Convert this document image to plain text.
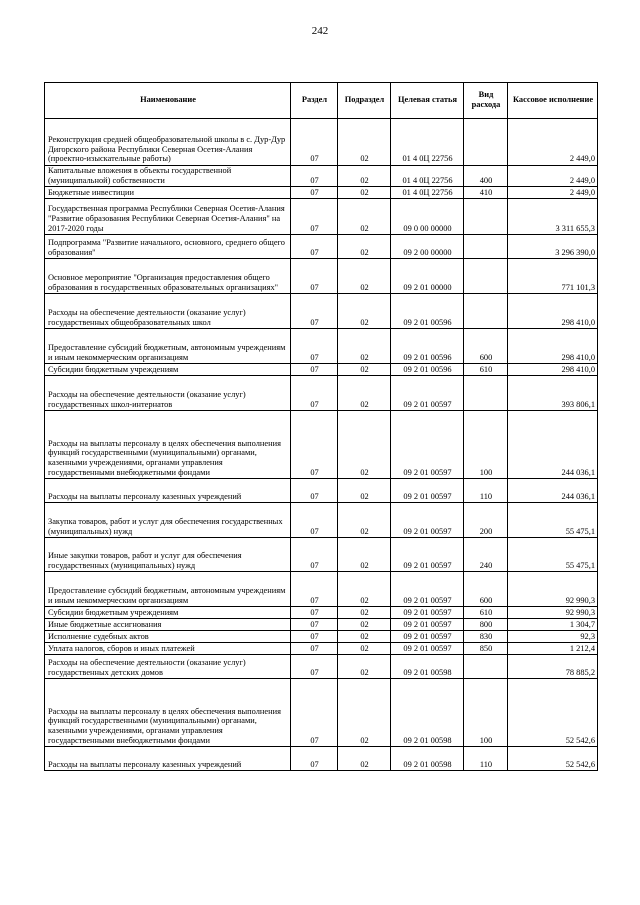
242
Наименование	Раздел	Подраздел	Целевая статья	Вид расхода	Кассовое исполнение
Реконструкция средней общеобразовательной школы в с. Дур-Дур Дигорского района Республики Северная Осетия-Алания (проектно-изыскательные работы)	07	02	01 4 0Ц 22756		2 449,0
Капитальные вложения в объекты государственной (муниципальной) собственности	07	02	01 4 0Ц 22756	400	2 449,0
Бюджетные инвестиции	07	02	01 4 0Ц 22756	410	2 449,0
Государственная программа Республики Северная Осетия-Алания "Развитие образования Республики Северная Осетия-Алания" на 2017-2020 годы	07	02	09 0 00 00000		3 311 655,3
Подпрограмма "Развитие начального, основного, среднего общего образования"	07	02	09 2 00 00000		3 296 390,0
Основное мероприятие "Организация предоставления общего образования в государственных образовательных организациях"	07	02	09 2 01 00000		771 101,3
Расходы на обеспечение деятельности (оказание услуг) государственных общеобразовательных школ	07	02	09 2 01 00596		298 410,0
Предоставление субсидий бюджетным, автономным учреждениям и иным некоммерческим организациям	07	02	09 2 01 00596	600	298 410,0
Субсидии бюджетным учреждениям	07	02	09 2 01 00596	610	298 410,0
Расходы на обеспечение деятельности (оказание услуг) государственных школ-интернатов	07	02	09 2 01 00597		393 806,1
Расходы на выплаты персоналу в целях обеспечения выполнения функций государственными (муниципальными) органами, казенными учреждениями, органами управления государственными внебюджетными фондами	07	02	09 2 01 00597	100	244 036,1
Расходы на выплаты персоналу казенных учреждений	07	02	09 2 01 00597	110	244 036,1
Закупка товаров, работ и услуг для обеспечения государственных (муниципальных) нужд	07	02	09 2 01 00597	200	55 475,1
Иные закупки товаров, работ и услуг для обеспечения государственных (муниципальных) нужд	07	02	09 2 01 00597	240	55 475,1
Предоставление субсидий бюджетным, автономным учреждениям и иным некоммерческим организациям	07	02	09 2 01 00597	600	92 990,3
Субсидии бюджетным учреждениям	07	02	09 2 01 00597	610	92 990,3
Иные бюджетные ассигнования	07	02	09 2 01 00597	800	1 304,7
Исполнение судебных актов	07	02	09 2 01 00597	830	92,3
Уплата налогов, сборов и иных платежей	07	02	09 2 01 00597	850	1 212,4
Расходы на обеспечение деятельности (оказание услуг) государственных детских домов	07	02	09 2 01 00598		78 885,2
Расходы на выплаты персоналу в целях обеспечения выполнения функций государственными (муниципальными) органами, казенными учреждениями, органами управления государственными внебюджетными фондами	07	02	09 2 01 00598	100	52 542,6
Расходы на выплаты персоналу казенных учреждений	07	02	09 2 01 00598	110	52 542,6
